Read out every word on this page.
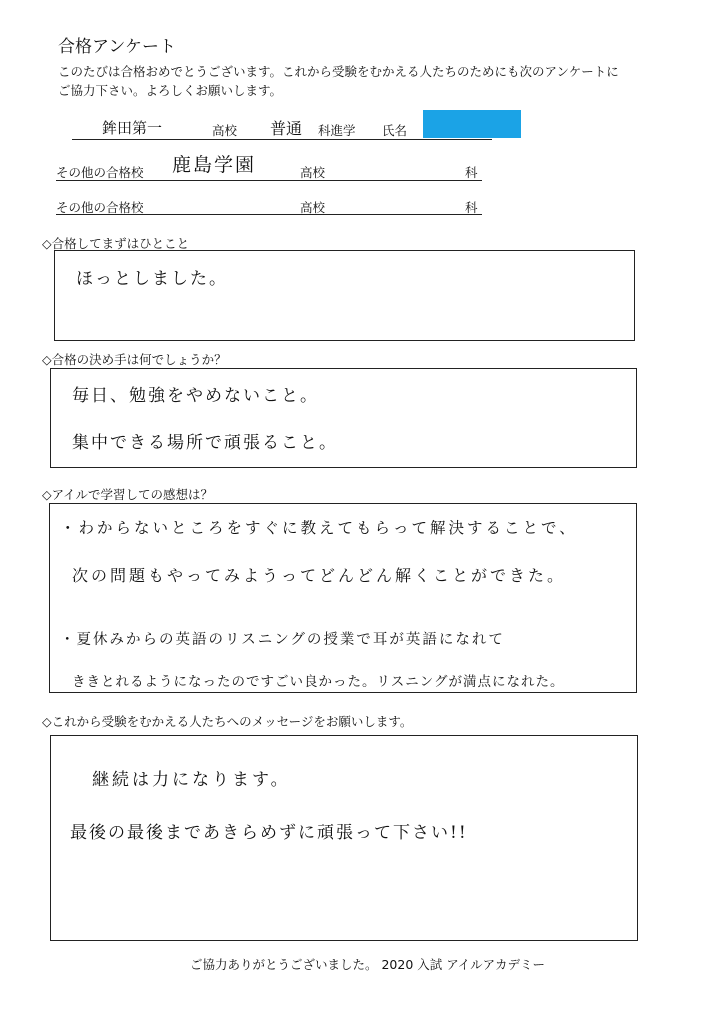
合格アンケート
このたびは合格おめでとうございます。これから受験をむかえる人たちのためにも次のアンケートに
ご協力下さい。よろしくお願いします。
鉾田第一	高校 普通 科進学 氏名
その他の合格校 鹿島学園	高校	科
その他の合格校	高校	科
◇合格してまずはひとこと
ほっとしました。
◇合格の決め手は何でしょうか？
毎日、勉強をやめないこと。
集中できる場所で頑張ること。
◇アイルで学習しての感想は？
・わからないところをすぐに教えてもらって解決することで、
次の問題もやってみようってどんどん解くことができた。
・夏休みからの英語のリスニングの授業で耳が英語になれて
ききとれるようになったのですごい良かった。リスニングが満点になれた。
◇これから受験をむかえる人たちへのメッセージをお願いします。
継続は力になります。
最後の最後まであきらめずに頑張って下さい!!
ご協力ありがとうございました。 2020 入試 アイルアカデミー
